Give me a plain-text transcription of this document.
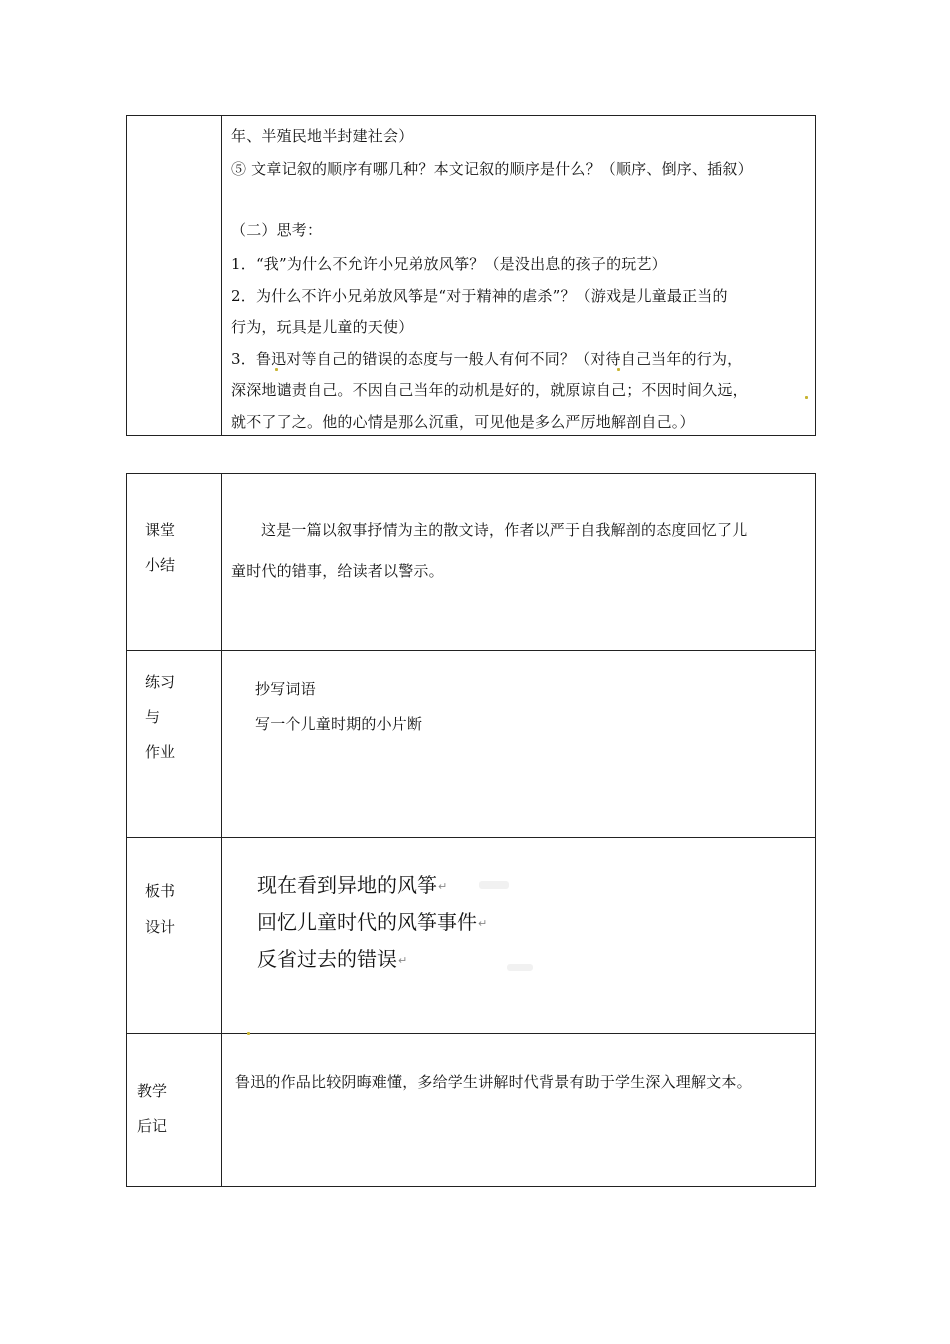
年、半殖民地半封建社会）
⑤ 文章记叙的顺序有哪几种？本文记叙的顺序是什么？（顺序、倒序、插叙）
（二）思考：
1．“我”为什么不允许小兄弟放风筝？（是没出息的孩子的玩艺）
2．为什么不许小兄弟放风筝是“对于精神的虐杀”？（游戏是儿童最正当的
行为，玩具是儿童的天使）
3．鲁迅对等自己的错误的态度与一般人有何不同？（对待自己当年的行为，
深深地谴责自己。不因自己当年的动机是好的，就原谅自己；不因时间久远，
就不了了之。他的心情是那么沉重，可见他是多么严厉地解剖自己。）
课堂
小结
这是一篇以叙事抒情为主的散文诗，作者以严于自我解剖的态度回忆了儿
童时代的错事，给读者以警示。
练习
与
作业
抄写词语
写一个儿童时期的小片断
板书
设计
现在看到异地的风筝↵
回忆儿童时代的风筝事件↵
反省过去的错误↵
教学
后记
鲁迅的作品比较阴晦难懂，多给学生讲解时代背景有助于学生深入理解文本。
